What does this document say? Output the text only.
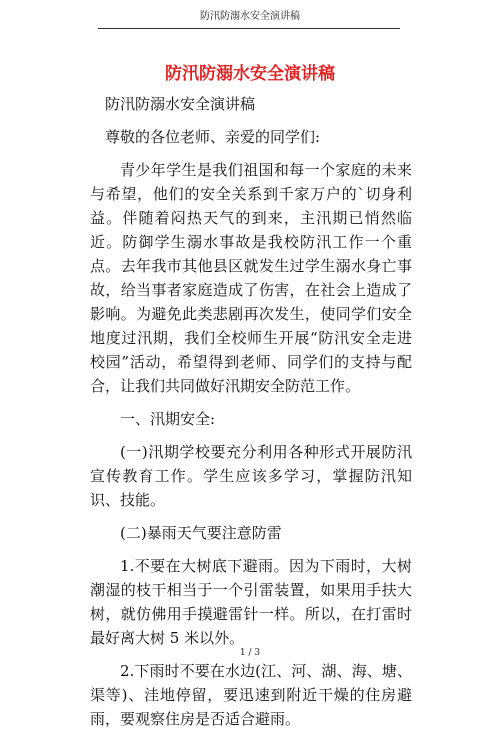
防汛防溺水安全演讲稿
防汛防溺水安全演讲稿

防汛防溺水安全演讲稿

尊敬的各位老师、亲爱的同学们:

青少年学生是我们祖国和每一个家庭的未来与希望，他们的安全关系到千家万户的`切身利益。伴随着闷热天气的到来，主汛期已悄然临近。防御学生溺水事故是我校防汛工作一个重点。去年我市其他县区就发生过学生溺水身亡事故，给当事者家庭造成了伤害，在社会上造成了影响。为避免此类悲剧再次发生，使同学们安全地度过汛期，我们全校师生开展“防汛安全走进校园”活动，希望得到老师、同学们的支持与配合，让我们共同做好汛期安全防范工作。

一、汛期安全:

(一)汛期学校要充分利用各种形式开展防汛宣传教育工作。学生应该多学习，掌握防汛知识、技能。

(二)暴雨天气要注意防雷

1.不要在大树底下避雨。因为下雨时，大树潮湿的枝干相当于一个引雷装置，如果用手扶大树，就仿佛用手摸避雷针一样。所以，在打雷时最好离大树 5 米以外。

2.下雨时不要在水边(江、河、湖、海、塘、渠等)、洼地停留，要迅速到附近干燥的住房避雨，要观察住房是否适合避雨。

1 / 3
